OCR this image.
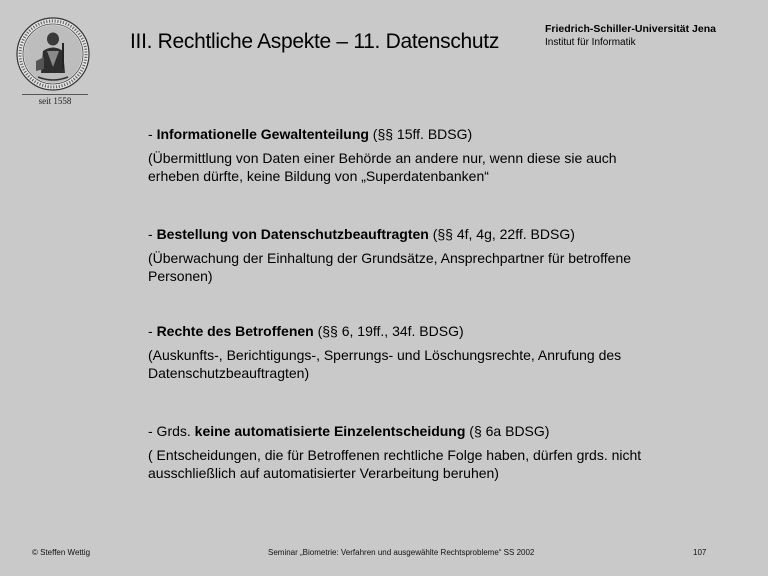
seit 1558
III. Rechtliche Aspekte – 11. Datenschutz
Friedrich-Schiller-Universität Jena
Institut für Informatik
- Informationelle Gewaltenteilung (§§ 15ff. BDSG)
(Übermittlung von Daten einer Behörde an andere nur, wenn diese sie auch erheben dürfte, keine Bildung von „Superdatenbanken“
- Bestellung von Datenschutzbeauftragten (§§ 4f, 4g, 22ff. BDSG)
(Überwachung der Einhaltung der Grundsätze, Ansprechpartner für betroffene Personen)
- Rechte des Betroffenen (§§ 6, 19ff., 34f. BDSG)
(Auskunfts-, Berichtigungs-, Sperrungs- und Löschungsrechte, Anrufung des Datenschutzbeauftragten)
- Grds. keine automatisierte Einzelentscheidung (§ 6a BDSG)
( Entscheidungen, die für Betroffenen rechtliche Folge haben, dürfen grds. nicht ausschließlich auf automatisierter Verarbeitung beruhen)
© Steffen Wettig	Seminar „Biometrie: Verfahren und ausgewählte Rechtsprobleme“ SS 2002	107
